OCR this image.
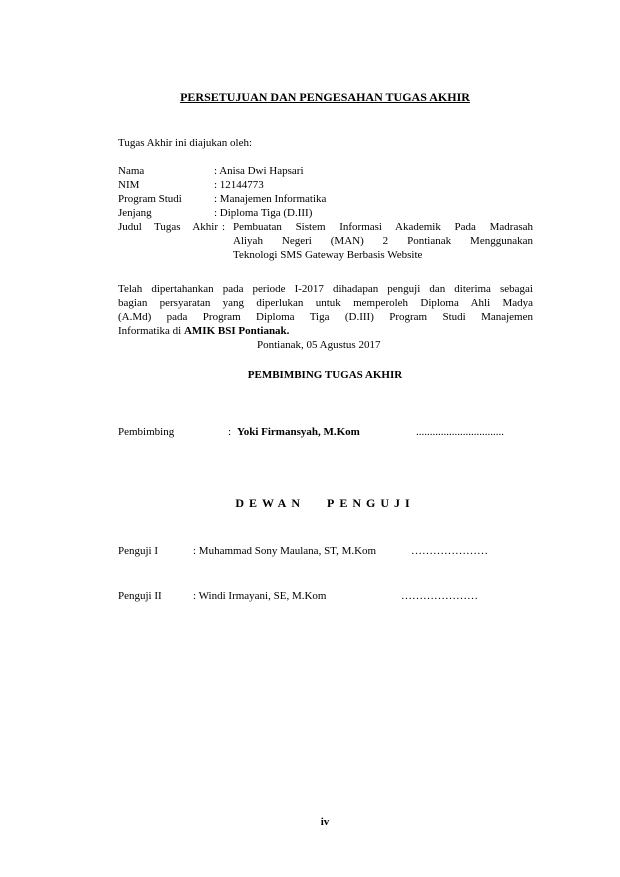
PERSETUJUAN DAN PENGESAHAN TUGAS AKHIR
Tugas Akhir ini diajukan oleh:
Nama	: Anisa Dwi Hapsari
NIM	: 12144773
Program Studi	: Manajemen Informatika
Jenjang	: Diploma Tiga (D.III)
Judul Tugas Akhir : Pembuatan Sistem Informasi Akademik Pada Madrasah
Aliyah Negeri (MAN) 2 Pontianak Menggunakan
Teknologi SMS Gateway Berbasis Website
Telah dipertahankan pada periode I-2017 dihadapan penguji dan diterima sebagai
bagian persyaratan yang diperlukan untuk memperoleh Diploma Ahli Madya
(A.Md) pada Program Diploma Tiga (D.III) Program Studi Manajemen
Informatika di AMIK BSI Pontianak.
Pontianak, 05 Agustus 2017
PEMBIMBING TUGAS AKHIR
Pembimbing	: Yoki Firmansyah, M.Kom	................................
DEWAN PENGUJI
Penguji I	: Muhammad Sony Maulana, ST, M.Kom	…………………
Penguji II	: Windi Irmayani, SE, M.Kom	…………………
iv
